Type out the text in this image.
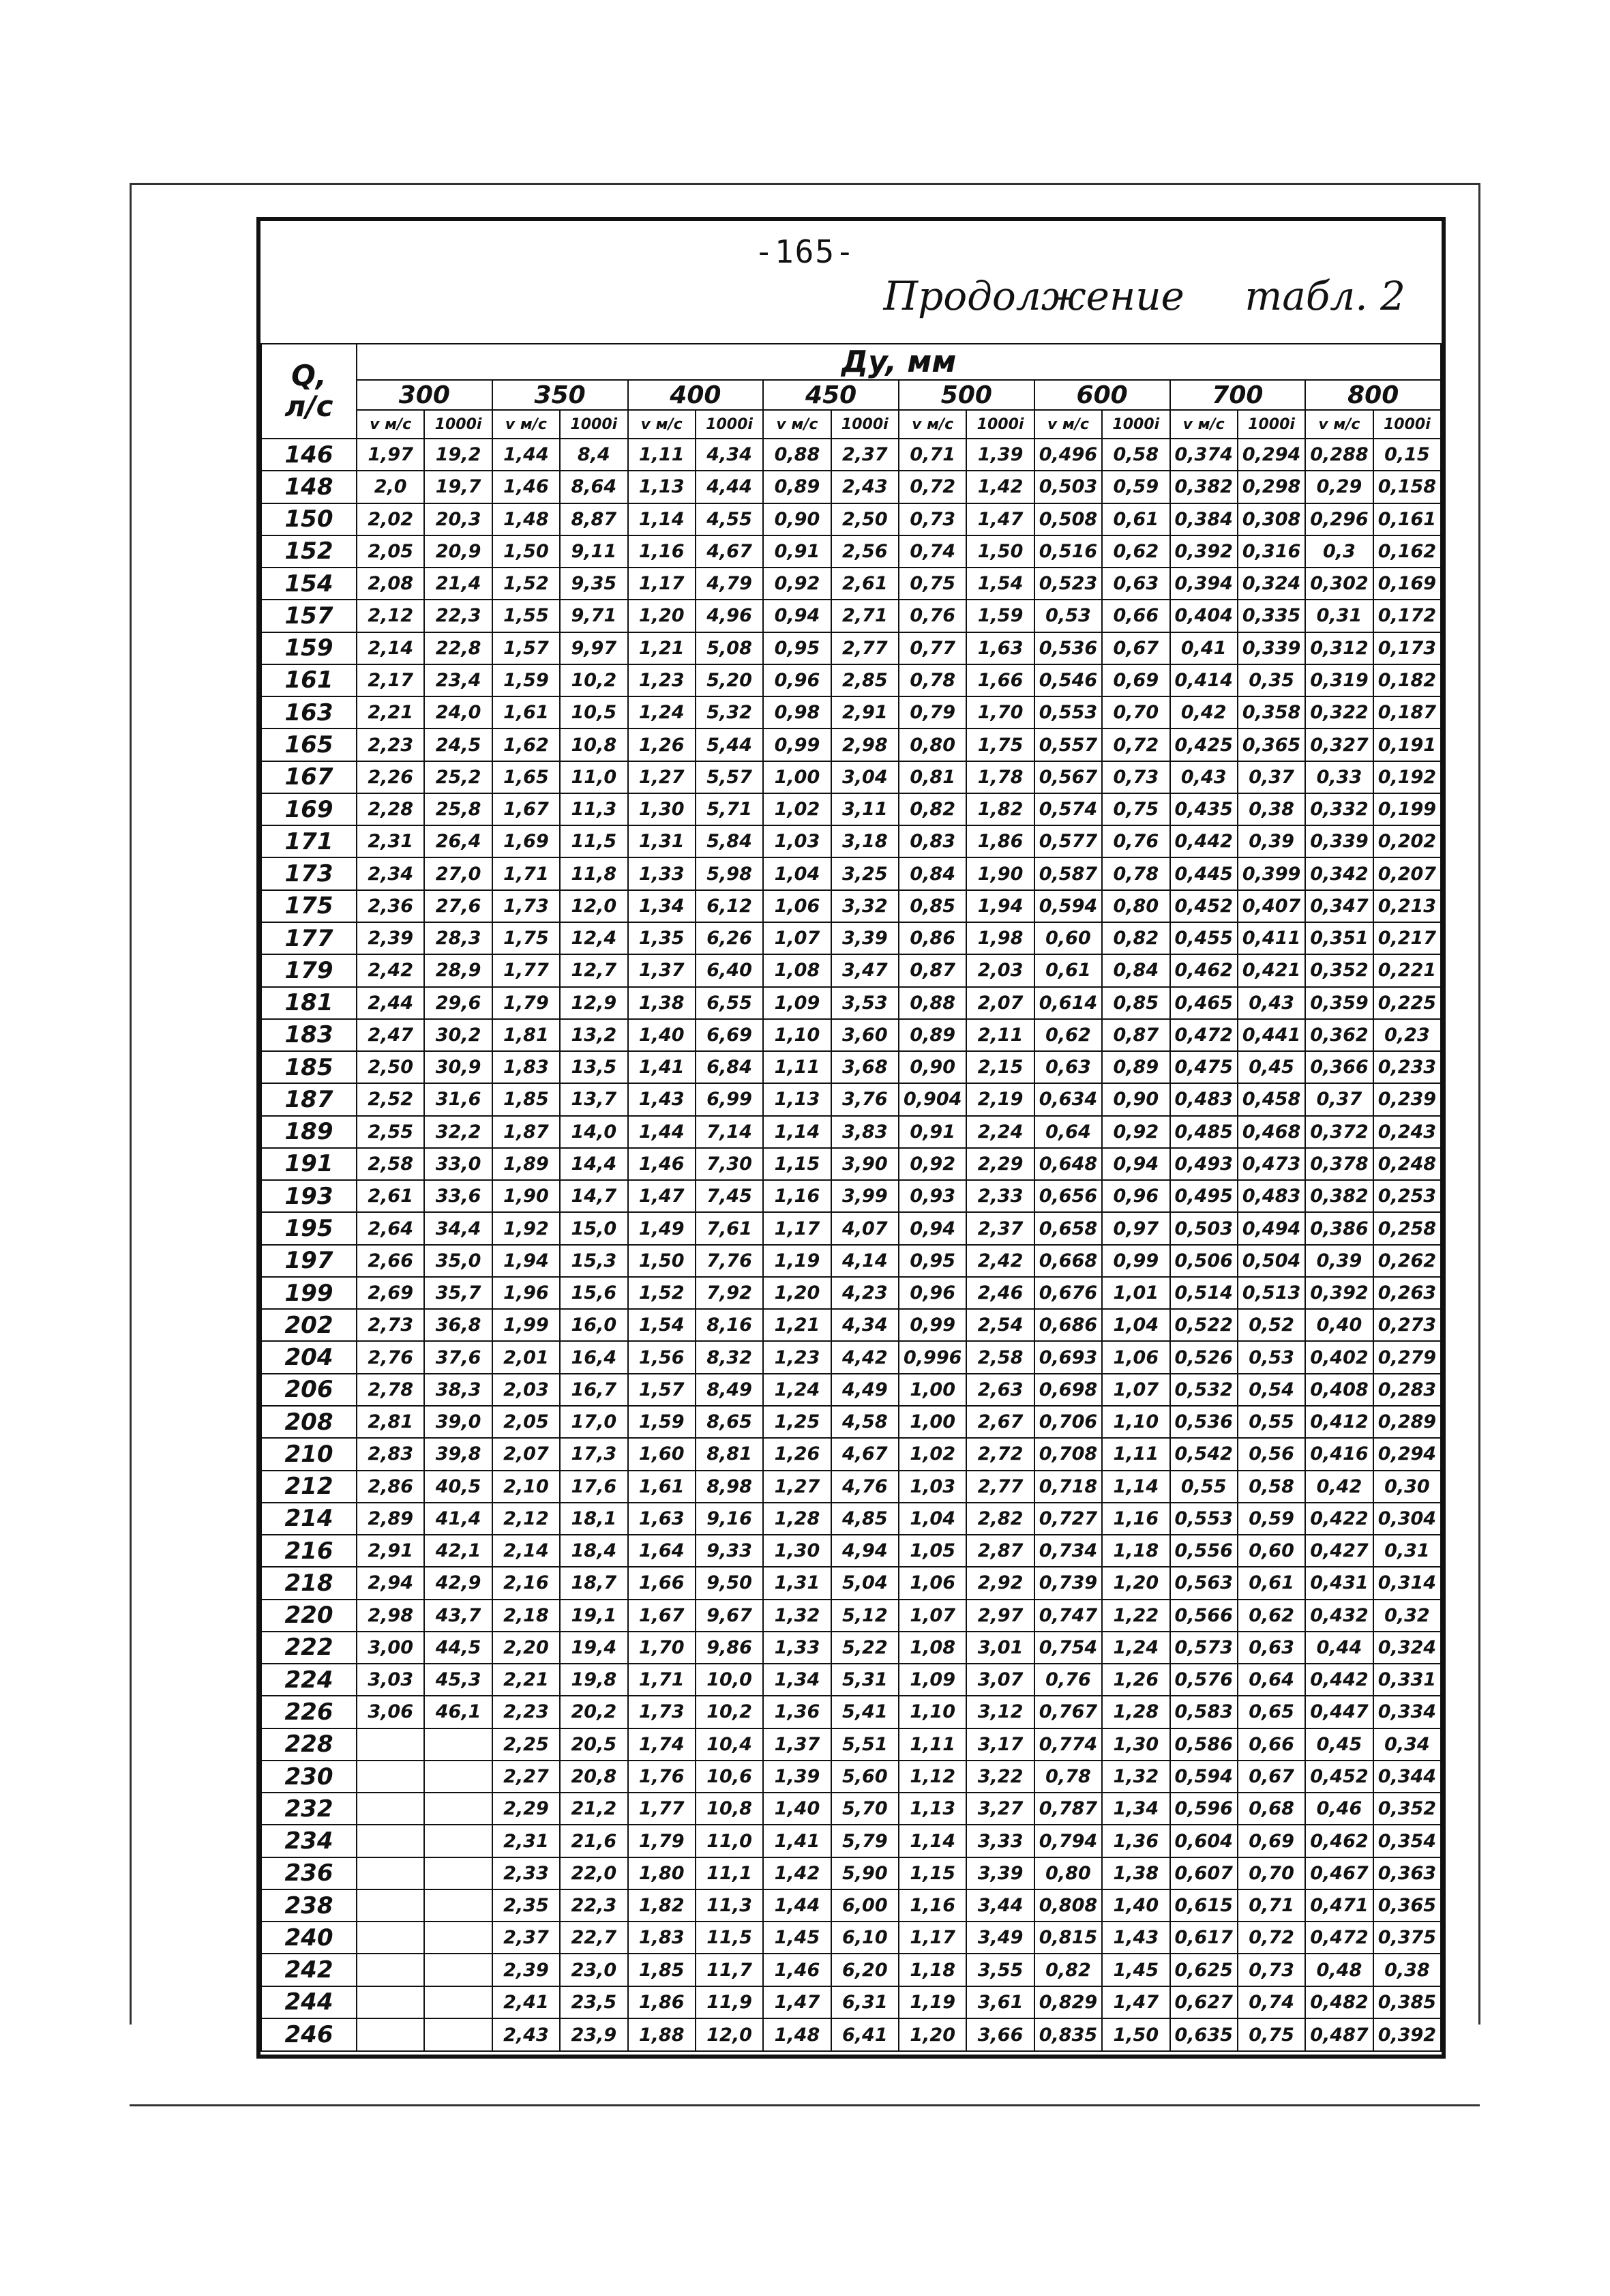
-165-
Продолжение табл. 2
Q,
л/с	Дy, мм															
	300		350		400		450		500		600		700		800	
	v м/с	1000i	v м/с	1000i	v м/с	1000i	v м/с	1000i	v м/с	1000i	v м/с	1000i	v м/с	1000i	v м/с	1000i
146	1,97	19,2	1,44	8,4	1,11	4,34	0,88	2,37	0,71	1,39	0,496	0,58	0,374	0,294	0,288	0,15
148	2,0	19,7	1,46	8,64	1,13	4,44	0,89	2,43	0,72	1,42	0,503	0,59	0,382	0,298	0,29	0,158
150	2,02	20,3	1,48	8,87	1,14	4,55	0,90	2,50	0,73	1,47	0,508	0,61	0,384	0,308	0,296	0,161
152	2,05	20,9	1,50	9,11	1,16	4,67	0,91	2,56	0,74	1,50	0,516	0,62	0,392	0,316	0,3	0,162
154	2,08	21,4	1,52	9,35	1,17	4,79	0,92	2,61	0,75	1,54	0,523	0,63	0,394	0,324	0,302	0,169
157	2,12	22,3	1,55	9,71	1,20	4,96	0,94	2,71	0,76	1,59	0,53	0,66	0,404	0,335	0,31	0,172
159	2,14	22,8	1,57	9,97	1,21	5,08	0,95	2,77	0,77	1,63	0,536	0,67	0,41	0,339	0,312	0,173
161	2,17	23,4	1,59	10,2	1,23	5,20	0,96	2,85	0,78	1,66	0,546	0,69	0,414	0,35	0,319	0,182
163	2,21	24,0	1,61	10,5	1,24	5,32	0,98	2,91	0,79	1,70	0,553	0,70	0,42	0,358	0,322	0,187
165	2,23	24,5	1,62	10,8	1,26	5,44	0,99	2,98	0,80	1,75	0,557	0,72	0,425	0,365	0,327	0,191
167	2,26	25,2	1,65	11,0	1,27	5,57	1,00	3,04	0,81	1,78	0,567	0,73	0,43	0,37	0,33	0,192
169	2,28	25,8	1,67	11,3	1,30	5,71	1,02	3,11	0,82	1,82	0,574	0,75	0,435	0,38	0,332	0,199
171	2,31	26,4	1,69	11,5	1,31	5,84	1,03	3,18	0,83	1,86	0,577	0,76	0,442	0,39	0,339	0,202
173	2,34	27,0	1,71	11,8	1,33	5,98	1,04	3,25	0,84	1,90	0,587	0,78	0,445	0,399	0,342	0,207
175	2,36	27,6	1,73	12,0	1,34	6,12	1,06	3,32	0,85	1,94	0,594	0,80	0,452	0,407	0,347	0,213
177	2,39	28,3	1,75	12,4	1,35	6,26	1,07	3,39	0,86	1,98	0,60	0,82	0,455	0,411	0,351	0,217
179	2,42	28,9	1,77	12,7	1,37	6,40	1,08	3,47	0,87	2,03	0,61	0,84	0,462	0,421	0,352	0,221
181	2,44	29,6	1,79	12,9	1,38	6,55	1,09	3,53	0,88	2,07	0,614	0,85	0,465	0,43	0,359	0,225
183	2,47	30,2	1,81	13,2	1,40	6,69	1,10	3,60	0,89	2,11	0,62	0,87	0,472	0,441	0,362	0,23
185	2,50	30,9	1,83	13,5	1,41	6,84	1,11	3,68	0,90	2,15	0,63	0,89	0,475	0,45	0,366	0,233
187	2,52	31,6	1,85	13,7	1,43	6,99	1,13	3,76	0,904	2,19	0,634	0,90	0,483	0,458	0,37	0,239
189	2,55	32,2	1,87	14,0	1,44	7,14	1,14	3,83	0,91	2,24	0,64	0,92	0,485	0,468	0,372	0,243
191	2,58	33,0	1,89	14,4	1,46	7,30	1,15	3,90	0,92	2,29	0,648	0,94	0,493	0,473	0,378	0,248
193	2,61	33,6	1,90	14,7	1,47	7,45	1,16	3,99	0,93	2,33	0,656	0,96	0,495	0,483	0,382	0,253
195	2,64	34,4	1,92	15,0	1,49	7,61	1,17	4,07	0,94	2,37	0,658	0,97	0,503	0,494	0,386	0,258
197	2,66	35,0	1,94	15,3	1,50	7,76	1,19	4,14	0,95	2,42	0,668	0,99	0,506	0,504	0,39	0,262
199	2,69	35,7	1,96	15,6	1,52	7,92	1,20	4,23	0,96	2,46	0,676	1,01	0,514	0,513	0,392	0,263
202	2,73	36,8	1,99	16,0	1,54	8,16	1,21	4,34	0,99	2,54	0,686	1,04	0,522	0,52	0,40	0,273
204	2,76	37,6	2,01	16,4	1,56	8,32	1,23	4,42	0,996	2,58	0,693	1,06	0,526	0,53	0,402	0,279
206	2,78	38,3	2,03	16,7	1,57	8,49	1,24	4,49	1,00	2,63	0,698	1,07	0,532	0,54	0,408	0,283
208	2,81	39,0	2,05	17,0	1,59	8,65	1,25	4,58	1,00	2,67	0,706	1,10	0,536	0,55	0,412	0,289
210	2,83	39,8	2,07	17,3	1,60	8,81	1,26	4,67	1,02	2,72	0,708	1,11	0,542	0,56	0,416	0,294
212	2,86	40,5	2,10	17,6	1,61	8,98	1,27	4,76	1,03	2,77	0,718	1,14	0,55	0,58	0,42	0,30
214	2,89	41,4	2,12	18,1	1,63	9,16	1,28	4,85	1,04	2,82	0,727	1,16	0,553	0,59	0,422	0,304
216	2,91	42,1	2,14	18,4	1,64	9,33	1,30	4,94	1,05	2,87	0,734	1,18	0,556	0,60	0,427	0,31
218	2,94	42,9	2,16	18,7	1,66	9,50	1,31	5,04	1,06	2,92	0,739	1,20	0,563	0,61	0,431	0,314
220	2,98	43,7	2,18	19,1	1,67	9,67	1,32	5,12	1,07	2,97	0,747	1,22	0,566	0,62	0,432	0,32
222	3,00	44,5	2,20	19,4	1,70	9,86	1,33	5,22	1,08	3,01	0,754	1,24	0,573	0,63	0,44	0,324
224	3,03	45,3	2,21	19,8	1,71	10,0	1,34	5,31	1,09	3,07	0,76	1,26	0,576	0,64	0,442	0,331
226	3,06	46,1	2,23	20,2	1,73	10,2	1,36	5,41	1,10	3,12	0,767	1,28	0,583	0,65	0,447	0,334
228			2,25	20,5	1,74	10,4	1,37	5,51	1,11	3,17	0,774	1,30	0,586	0,66	0,45	0,34
230			2,27	20,8	1,76	10,6	1,39	5,60	1,12	3,22	0,78	1,32	0,594	0,67	0,452	0,344
232			2,29	21,2	1,77	10,8	1,40	5,70	1,13	3,27	0,787	1,34	0,596	0,68	0,46	0,352
234			2,31	21,6	1,79	11,0	1,41	5,79	1,14	3,33	0,794	1,36	0,604	0,69	0,462	0,354
236			2,33	22,0	1,80	11,1	1,42	5,90	1,15	3,39	0,80	1,38	0,607	0,70	0,467	0,363
238			2,35	22,3	1,82	11,3	1,44	6,00	1,16	3,44	0,808	1,40	0,615	0,71	0,471	0,365
240			2,37	22,7	1,83	11,5	1,45	6,10	1,17	3,49	0,815	1,43	0,617	0,72	0,472	0,375
242			2,39	23,0	1,85	11,7	1,46	6,20	1,18	3,55	0,82	1,45	0,625	0,73	0,48	0,38
244			2,41	23,5	1,86	11,9	1,47	6,31	1,19	3,61	0,829	1,47	0,627	0,74	0,482	0,385
246			2,43	23,9	1,88	12,0	1,48	6,41	1,20	3,66	0,835	1,50	0,635	0,75	0,487	0,392
